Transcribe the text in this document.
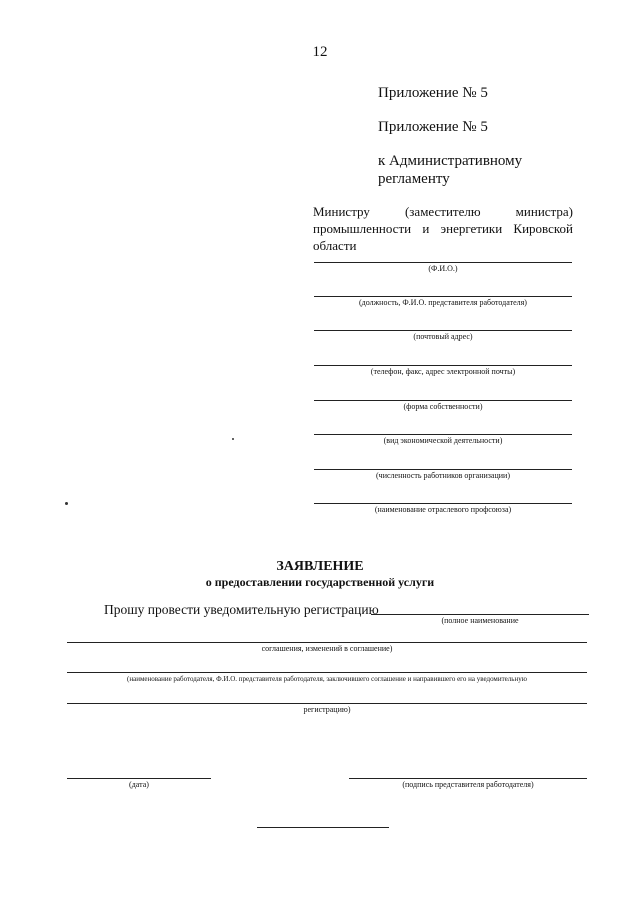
12
Приложение № 5
Приложение № 5
к Административному
регламенту
Министру (заместителю министра) промышленности и энергетики Кировской области
(Ф.И.О.)
(должность, Ф.И.О. представителя работодателя)
(почтовый адрес)
(телефон, факс, адрес электронной почты)
(форма собственности)
(вид экономической деятельности)
(численность работников организации)
(наименование отраслевого профсоюза)
ЗАЯВЛЕНИЕ
о предоставлении государственной услуги
Прошу провести уведомительную регистрацию
(полное наименование
соглашения, изменений в соглашение)
(наименование работодателя, Ф.И.О. представителя работодателя, заключившего соглашение и направившего его на уведомительную
регистрацию)
(дата)	(подпись представителя работодателя)
